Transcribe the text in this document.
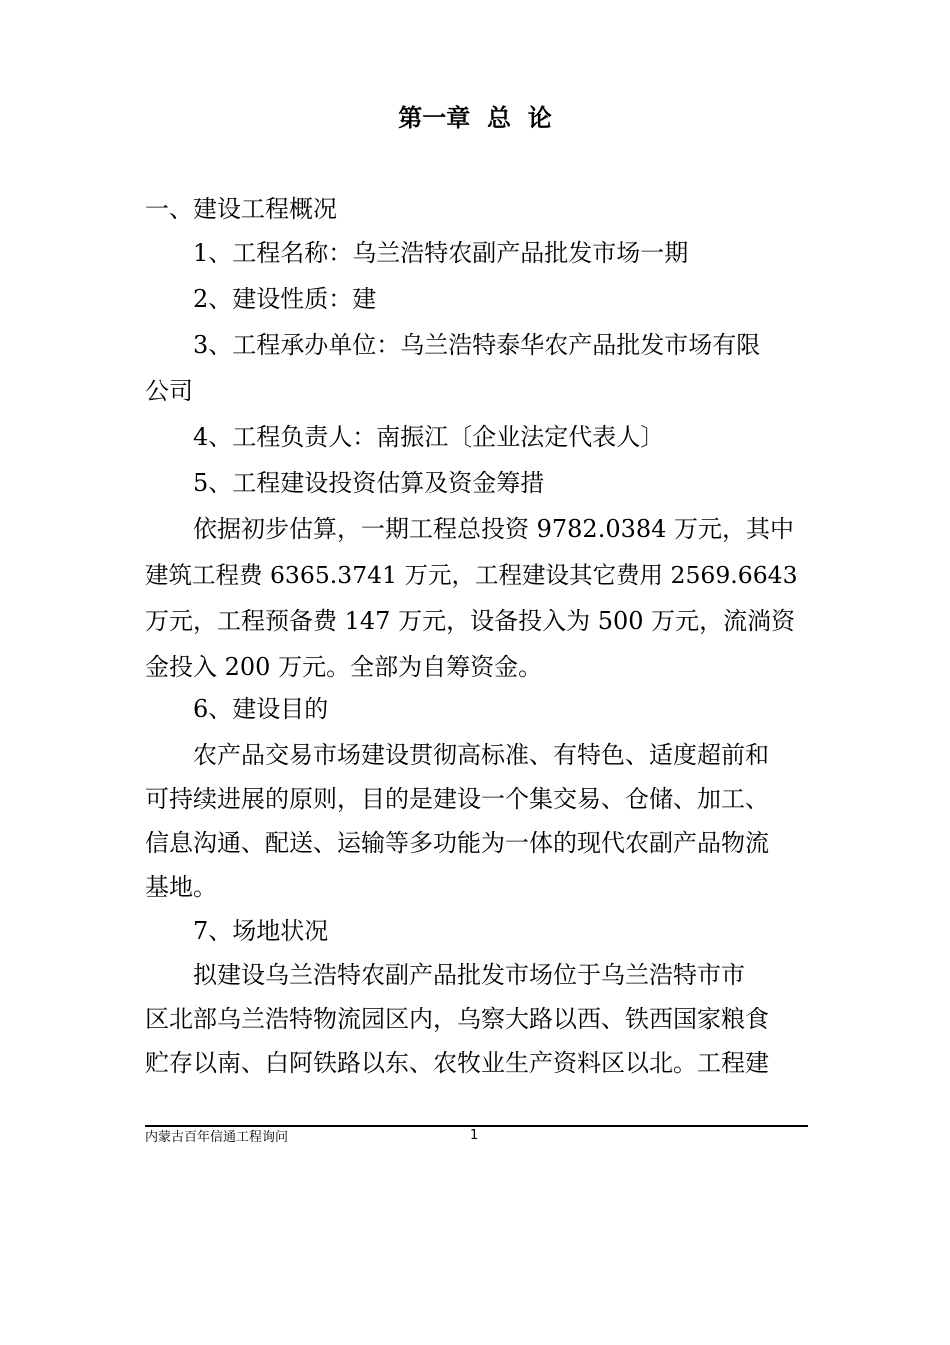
第一章  总  论
一、建设工程概况
1、工程名称：乌兰浩特农副产品批发市场一期
2、建设性质：建
3、工程承办单位：乌兰浩特泰华农产品批发市场有限
公司
4、工程负责人：南振江〔企业法定代表人〕
5、工程建设投资估算及资金筹措
依据初步估算，一期工程总投资 9782.0384 万元，其中
建筑工程费 6365.3741 万元，工程建设其它费用 2569.6643
万元，工程预备费 147 万元，设备投入为 500 万元，流淌资
金投入 200 万元。全部为自筹资金。
6、建设目的
农产品交易市场建设贯彻高标准、有特色、适度超前和
可持续进展的原则，目的是建设一个集交易、仓储、加工、
信息沟通、配送、运输等多功能为一体的现代农副产品物流
基地。
7、场地状况
拟建设乌兰浩特农副产品批发市场位于乌兰浩特市市
区北部乌兰浩特物流园区内，乌察大路以西、铁西国家粮食
贮存以南、白阿铁路以东、农牧业生产资料区以北。工程建
内蒙古百年信通工程询问	1
